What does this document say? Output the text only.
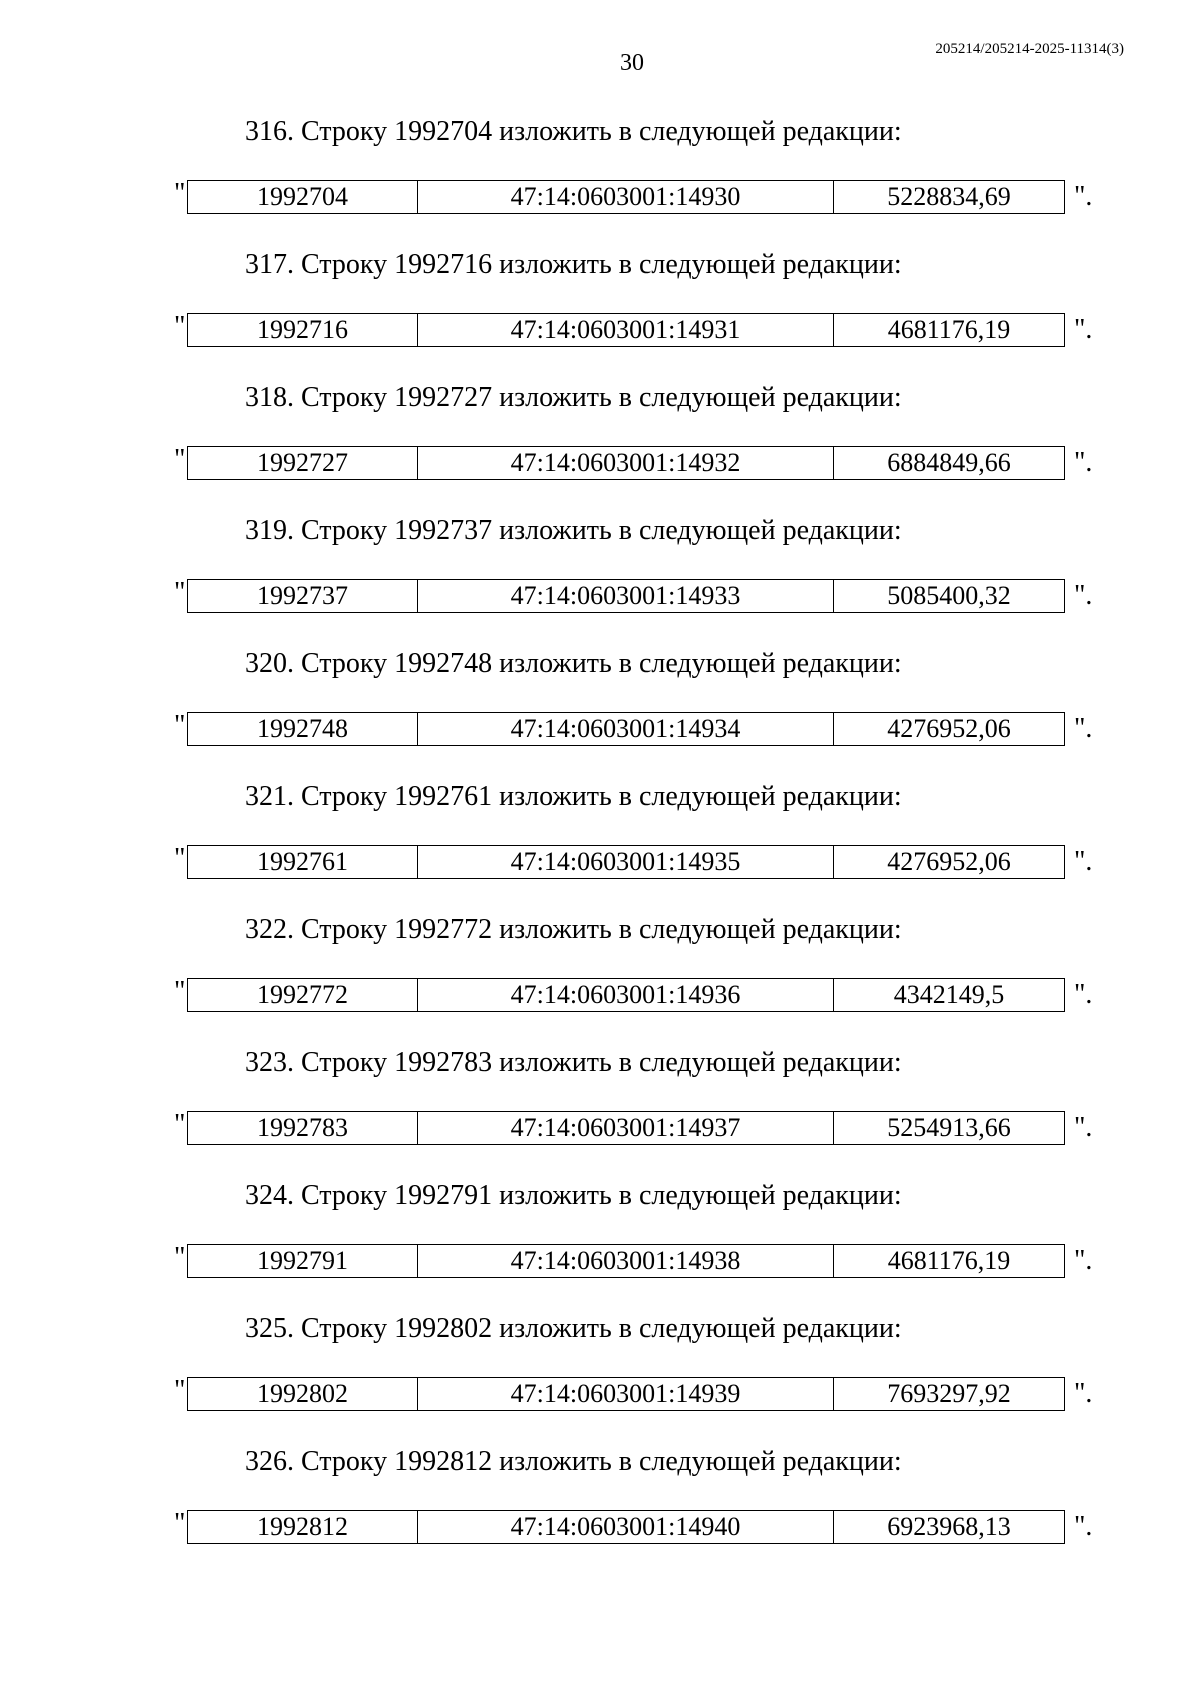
30
205214/205214-2025-11314(3)
316. Строку 1992704 изложить в следующей редакции:
"	1992704	47:14:0603001:14930	5228834,69 ".
317. Строку 1992716 изложить в следующей редакции:
"	1992716	47:14:0603001:14931	4681176,19 ".
318. Строку 1992727 изложить в следующей редакции:
"	1992727	47:14:0603001:14932	6884849,66 ".
319. Строку 1992737 изложить в следующей редакции:
"	1992737	47:14:0603001:14933	5085400,32 ".
320. Строку 1992748 изложить в следующей редакции:
"	1992748	47:14:0603001:14934	4276952,06 ".
321. Строку 1992761 изложить в следующей редакции:
"	1992761	47:14:0603001:14935	4276952,06 ".
322. Строку 1992772 изложить в следующей редакции:
"	1992772	47:14:0603001:14936	4342149,5 ".
323. Строку 1992783 изложить в следующей редакции:
"	1992783	47:14:0603001:14937	5254913,66 ".
324. Строку 1992791 изложить в следующей редакции:
"	1992791	47:14:0603001:14938	4681176,19 ".
325. Строку 1992802 изложить в следующей редакции:
"	1992802	47:14:0603001:14939	7693297,92 ".
326. Строку 1992812 изложить в следующей редакции:
"	1992812	47:14:0603001:14940	6923968,13 ".
